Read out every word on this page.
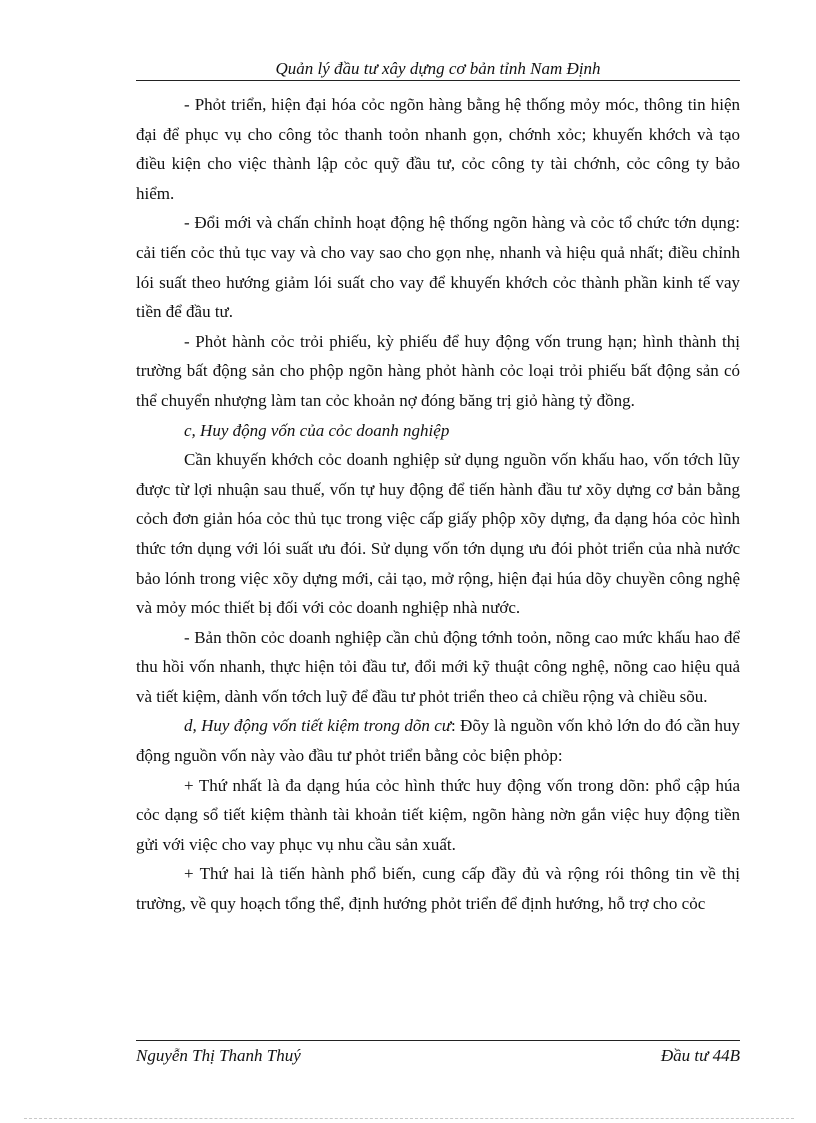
Quản lý đầu tư xây dựng cơ bản tỉnh Nam Định

- Phỏt triển, hiện đại hóa cỏc ngõn hàng bằng hệ thống mỏy móc, thông tin hiện đại để phục vụ cho công tỏc thanh toỏn nhanh gọn, chớnh xỏc; khuyến khớch và tạo điều kiện cho việc thành lập cỏc quỹ đầu tư, cỏc công ty tài chớnh, cỏc công ty bảo hiểm.

- Đổi mới và chấn chỉnh hoạt động hệ thống ngõn hàng và cỏc tổ chức tớn dụng: cải tiến cỏc thủ tục vay và cho vay sao cho gọn nhẹ, nhanh và hiệu quả nhất; điều chỉnh lói suất theo hướng giảm lói suất cho vay để khuyến khớch cỏc thành phần kinh tế vay tiền để đầu tư.

- Phỏt hành cỏc trỏi phiếu, kỳ phiếu để huy động vốn trung hạn; hình thành thị trường bất động sản cho phộp ngõn hàng phỏt hành cỏc loại trỏi phiếu bất động sản có thể chuyển nhượng làm tan cỏc khoản nợ đóng băng trị giỏ hàng tỷ đồng.

c, Huy động vốn của cỏc doanh nghiệp

Cần khuyến khớch cỏc doanh nghiệp sử dụng nguồn vốn khấu hao, vốn tớch lũy được từ lợi nhuận sau thuế, vốn tự huy động để tiến hành đầu tư xõy dựng cơ bản bằng cỏch đơn giản hóa cỏc thủ tục trong việc cấp giấy phộp xõy dựng, đa dạng hóa cỏc hình thức tớn dụng với lói suất ưu đói. Sử dụng vốn tớn dụng ưu đói phỏt triển của nhà nước bảo lónh trong việc xõy dựng mới, cải tạo, mở rộng, hiện đại húa dõy chuyền công nghệ và mỏy móc thiết bị đối với cỏc doanh nghiệp nhà nước.

- Bản thõn cỏc doanh nghiệp cần chủ động tớnh toỏn, nõng cao mức khấu hao để thu hồi vốn nhanh, thực hiện tỏi đầu tư, đổi mới kỹ thuật công nghệ, nõng cao hiệu quả và tiết kiệm, dành vốn tớch luỹ để đầu tư phỏt triển theo cả chiều rộng và chiều sõu.

d, Huy động vốn tiết kiệm trong dõn cư: Đõy là nguồn vốn khỏ lớn do đó cần huy động nguồn vốn này vào đầu tư phỏt triển bằng cỏc biện phỏp:

+ Thứ nhất là đa dạng húa cỏc hình thức huy động vốn trong dõn: phổ cập húa cỏc dạng sổ tiết kiệm thành tài khoản tiết kiệm, ngõn hàng nờn gắn việc huy động tiền gửi với việc cho vay phục vụ nhu cầu sản xuất.

+ Thứ hai là tiến hành phổ biến, cung cấp đầy đủ và rộng rói thông tin về thị trường, về quy hoạch tổng thể, định hướng phỏt triển để định hướng, hỗ trợ cho cỏc

Nguyễn Thị Thanh Thuý	Đầu tư 44B
